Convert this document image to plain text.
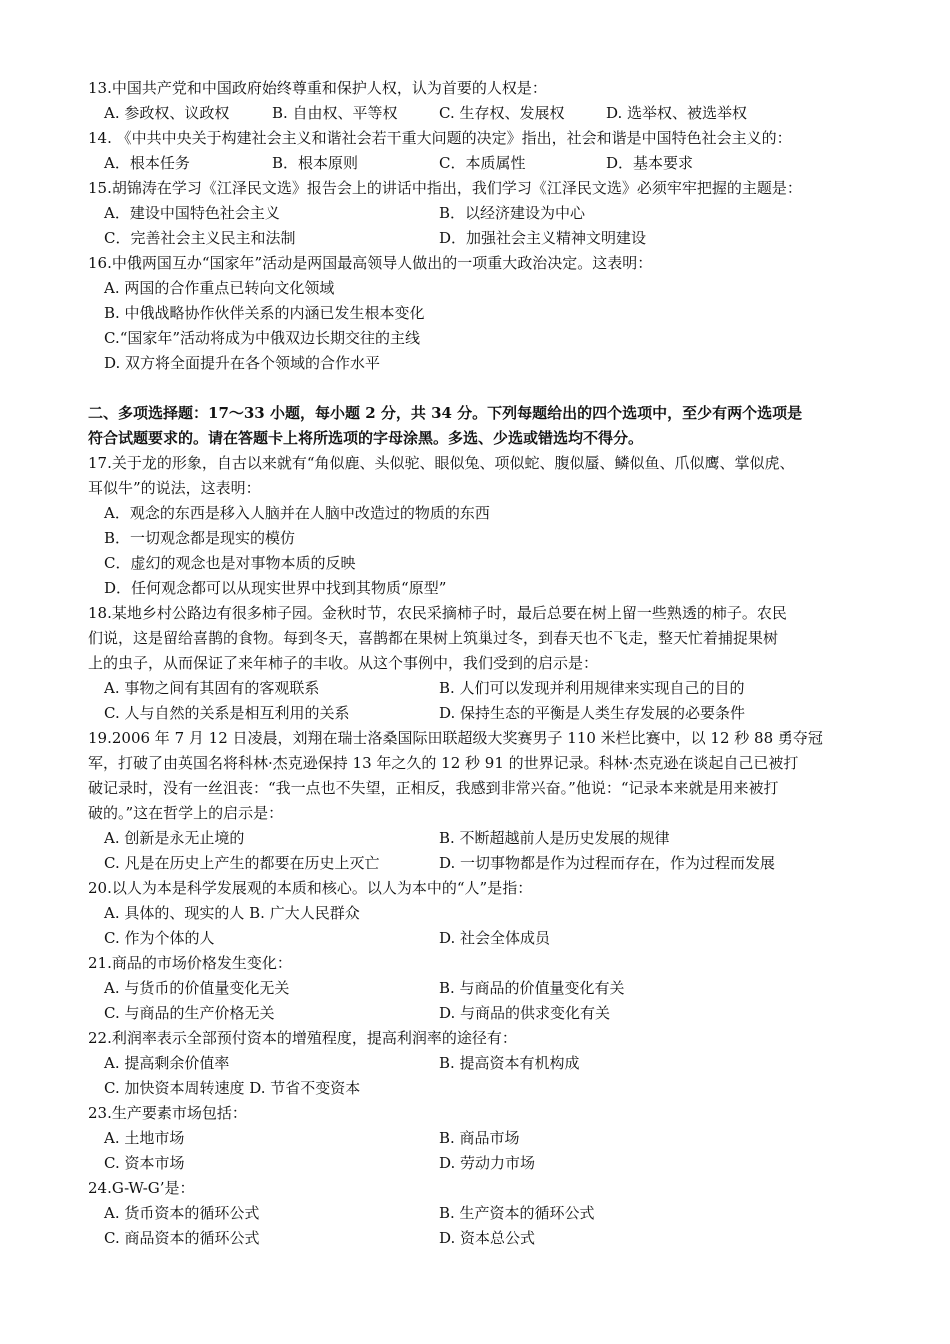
13.中国共产党和中国政府始终尊重和保护人权，认为首要的人权是：
A. 参政权、议政权	B. 自由权、平等权	C. 生存权、发展权	D. 选举权、被选举权
14. 《中共中央关于构建社会主义和谐社会若干重大问题的决定》指出，社会和谐是中国特色社会主义的：
A．根本任务	B．根本原则	C．本质属性	D．基本要求
15.胡锦涛在学习《江泽民文选》报告会上的讲话中指出，我们学习《江泽民文选》必须牢牢把握的主题是：
A．建设中国特色社会主义	B．以经济建设为中心
C．完善社会主义民主和法制	D．加强社会主义精神文明建设
16.中俄两国互办“国家年”活动是两国最高领导人做出的一项重大政治决定。这表明：
A. 两国的合作重点已转向文化领域
B. 中俄战略协作伙伴关系的内涵已发生根本变化
C.“国家年”活动将成为中俄双边长期交往的主线
D. 双方将全面提升在各个领域的合作水平
二、多项选择题：17～33 小题，每小题 2 分，共 34 分。下列每题给出的四个选项中，至少有两个选项是
符合试题要求的。请在答题卡上将所选项的字母涂黑。多选、少选或错选均不得分。
17.关于龙的形象，自古以来就有“角似鹿、头似驼、眼似兔、项似蛇、腹似蜃、鳞似鱼、爪似鹰、掌似虎、
耳似牛”的说法，这表明：
A．观念的东西是移入人脑并在人脑中改造过的物质的东西
B．一切观念都是现实的模仿
C．虚幻的观念也是对事物本质的反映
D．任何观念都可以从现实世界中找到其物质“原型”
18.某地乡村公路边有很多柿子园。金秋时节，农民采摘柿子时，最后总要在树上留一些熟透的柿子。农民
们说，这是留给喜鹊的食物。每到冬天，喜鹊都在果树上筑巢过冬，到春天也不飞走，整天忙着捕捉果树
上的虫子，从而保证了来年柿子的丰收。从这个事例中，我们受到的启示是：
A. 事物之间有其固有的客观联系	B. 人们可以发现并利用规律来实现自己的目的
C. 人与自然的关系是相互利用的关系	D. 保持生态的平衡是人类生存发展的必要条件
19.2006 年 7 月 12 日凌晨，刘翔在瑞士洛桑国际田联超级大奖赛男子 110 米栏比赛中，以 12 秒 88 勇夺冠
军，打破了由英国名将科林·杰克逊保持 13 年之久的 12 秒 91 的世界记录。科林·杰克逊在谈起自己已被打
破记录时，没有一丝沮丧：“我一点也不失望，正相反，我感到非常兴奋。”他说：“记录本来就是用来被打
破的。”这在哲学上的启示是：
A. 创新是永无止境的	B. 不断超越前人是历史发展的规律
C. 凡是在历史上产生的都要在历史上灭亡	D. 一切事物都是作为过程而存在，作为过程而发展
20.以人为本是科学发展观的本质和核心。以人为本中的“人”是指：
A. 具体的、现实的人 B. 广大人民群众
C. 作为个体的人	D. 社会全体成员
21.商品的市场价格发生变化：
A. 与货币的价值量变化无关	B. 与商品的价值量变化有关
C. 与商品的生产价格无关	D. 与商品的供求变化有关
22.利润率表示全部预付资本的增殖程度，提高利润率的途径有：
A. 提高剩余价值率	B. 提高资本有机构成
C. 加快资本周转速度 D. 节省不变资本
23.生产要素市场包括：
A. 土地市场	B. 商品市场
C. 资本市场	D. 劳动力市场
24.G-W-G’是：
A. 货币资本的循环公式	B. 生产资本的循环公式
C. 商品资本的循环公式	D. 资本总公式
